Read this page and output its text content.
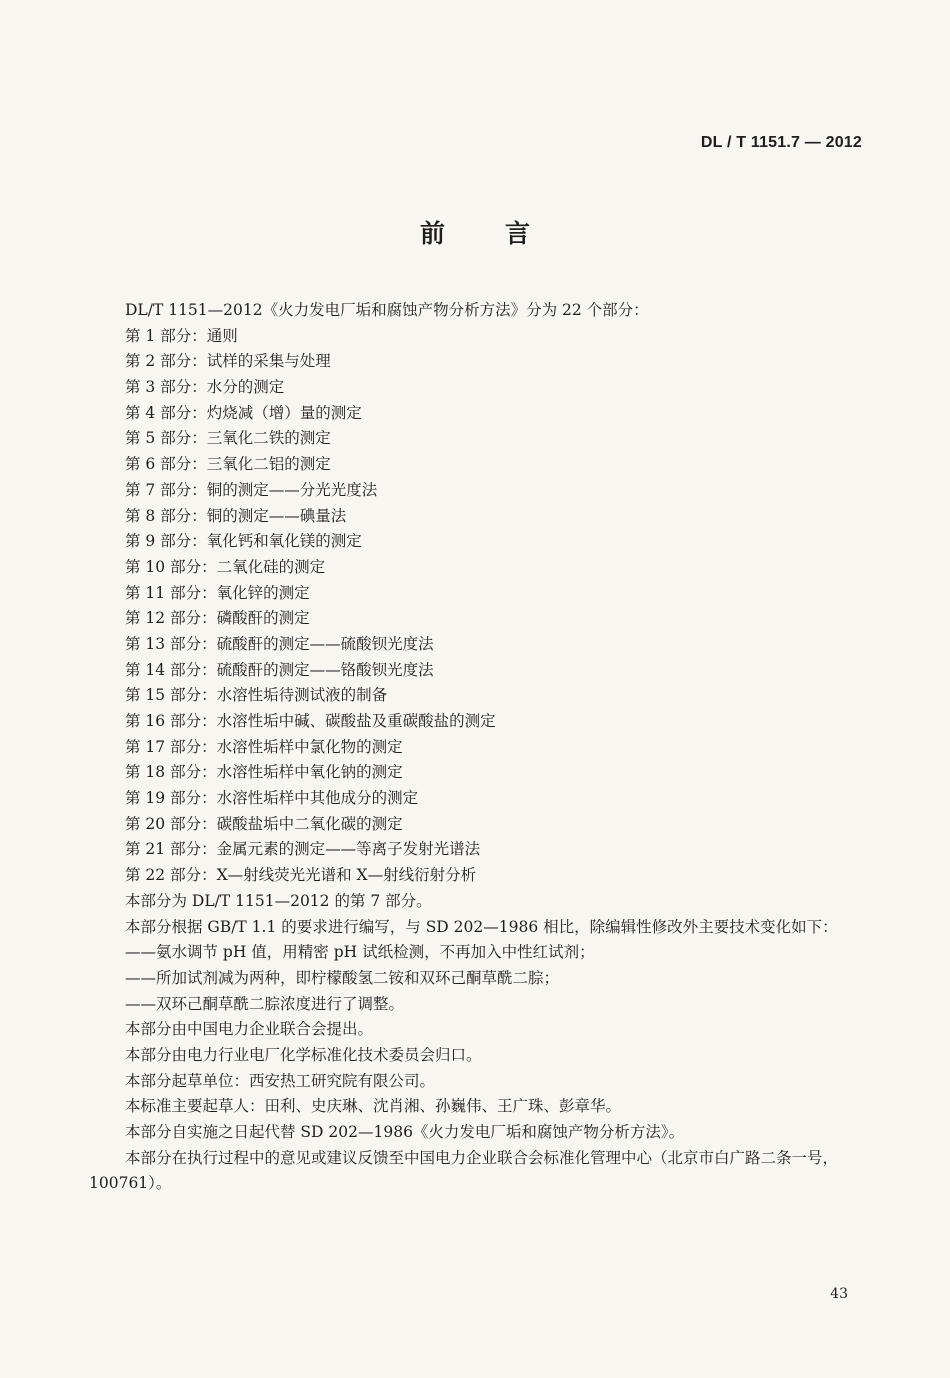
DL / T 1151.7 — 2012
前 言
DL/T 1151—2012《火力发电厂垢和腐蚀产物分析方法》分为 22 个部分：
第 1 部分：通则
第 2 部分：试样的采集与处理
第 3 部分：水分的测定
第 4 部分：灼烧减（增）量的测定
第 5 部分：三氧化二铁的测定
第 6 部分：三氧化二铝的测定
第 7 部分：铜的测定——分光光度法
第 8 部分：铜的测定——碘量法
第 9 部分：氧化钙和氧化镁的测定
第 10 部分：二氧化硅的测定
第 11 部分：氧化锌的测定
第 12 部分：磷酸酐的测定
第 13 部分：硫酸酐的测定——硫酸钡光度法
第 14 部分：硫酸酐的测定——铬酸钡光度法
第 15 部分：水溶性垢待测试液的制备
第 16 部分：水溶性垢中碱、碳酸盐及重碳酸盐的测定
第 17 部分：水溶性垢样中氯化物的测定
第 18 部分：水溶性垢样中氧化钠的测定
第 19 部分：水溶性垢样中其他成分的测定
第 20 部分：碳酸盐垢中二氧化碳的测定
第 21 部分：金属元素的测定——等离子发射光谱法
第 22 部分：X—射线荧光光谱和 X—射线衍射分析
本部分为 DL/T 1151—2012 的第 7 部分。
本部分根据 GB/T 1.1 的要求进行编写，与 SD 202—1986 相比，除编辑性修改外主要技术变化如下：
——氨水调节 pH 值，用精密 pH 试纸检测，不再加入中性红试剂；
——所加试剂减为两种，即柠檬酸氢二铵和双环己酮草酰二腙；
——双环己酮草酰二腙浓度进行了调整。
本部分由中国电力企业联合会提出。
本部分由电力行业电厂化学标准化技术委员会归口。
本部分起草单位：西安热工研究院有限公司。
本标准主要起草人：田利、史庆琳、沈肖湘、孙巍伟、王广珠、彭章华。
本部分自实施之日起代替 SD 202—1986《火力发电厂垢和腐蚀产物分析方法》。
本部分在执行过程中的意见或建议反馈至中国电力企业联合会标准化管理中心（北京市白广路二条一号，100761）。
43
